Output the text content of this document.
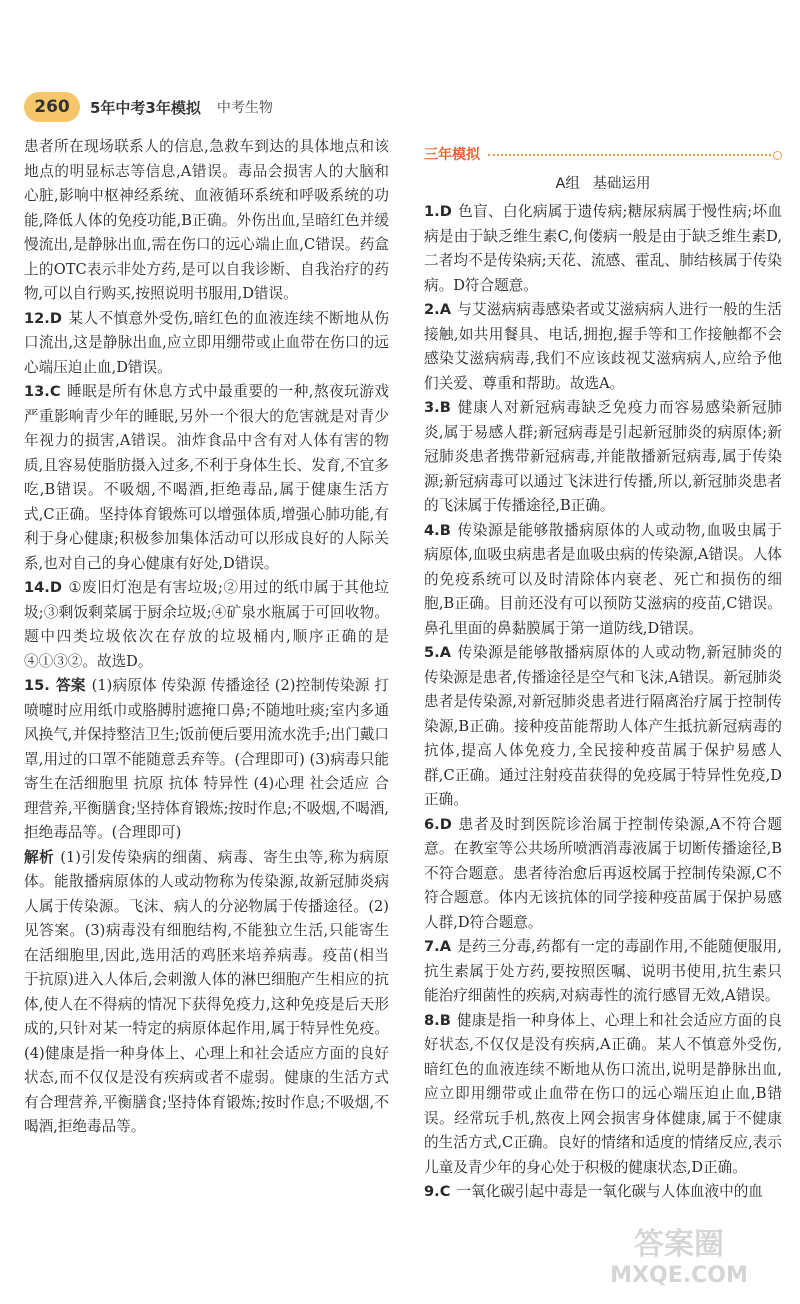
260	5年中考3年模拟 中考生物

患者所在现场联系人的信息,急救车到达的具体地点和该地点的明显标志等信息,A错误。毒品会损害人的大脑和心脏,影响中枢神经系统、血液循环系统和呼吸系统的功能,降低人体的免疫功能,B正确。外伤出血,呈暗红色并缓慢流出,是静脉出血,需在伤口的远心端止血,C错误。药盒上的OTC表示非处方药,是可以自我诊断、自我治疗的药物,可以自行购买,按照说明书服用,D错误。

12.D 某人不慎意外受伤,暗红色的血液连续不断地从伤口流出,这是静脉出血,应立即用绷带或止血带在伤口的远心端压迫止血,D错误。

13.C 睡眠是所有休息方式中最重要的一种,熬夜玩游戏严重影响青少年的睡眠,另外一个很大的危害就是对青少年视力的损害,A错误。油炸食品中含有对人体有害的物质,且容易使脂肪摄入过多,不利于身体生长、发育,不宜多吃,B错误。不吸烟,不喝酒,拒绝毒品,属于健康生活方式,C正确。坚持体育锻炼可以增强体质,增强心肺功能,有利于身心健康;积极参加集体活动可以形成良好的人际关系,也对自己的身心健康有好处,D错误。

14.D ①废旧灯泡是有害垃圾;②用过的纸巾属于其他垃圾;③剩饭剩菜属于厨余垃圾;④矿泉水瓶属于可回收物。题中四类垃圾依次在存放的垃圾桶内,顺序正确的是④①③②。故选D。

15. 答案 (1)病原体 传染源 传播途径 (2)控制传染源 打喷嚏时应用纸巾或胳膊肘遮掩口鼻;不随地吐痰;室内多通风换气,并保持整洁卫生;饭前便后要用流水洗手;出门戴口罩,用过的口罩不能随意丢弃等。(合理即可) (3)病毒只能寄生在活细胞里 抗原 抗体 特异性 (4)心理 社会适应 合理营养,平衡膳食;坚持体育锻炼;按时作息;不吸烟,不喝酒,拒绝毒品等。(合理即可)

解析 (1)引发传染病的细菌、病毒、寄生虫等,称为病原体。能散播病原体的人或动物称为传染源,故新冠肺炎病人属于传染源。飞沫、病人的分泌物属于传播途径。(2)见答案。(3)病毒没有细胞结构,不能独立生活,只能寄生在活细胞里,因此,选用活的鸡胚来培养病毒。疫苗(相当于抗原)进入人体后,会刺激人体的淋巴细胞产生相应的抗体,使人在不得病的情况下获得免疫力,这种免疫是后天形成的,只针对某一特定的病原体起作用,属于特异性免疫。(4)健康是指一种身体上、心理上和社会适应方面的良好状态,而不仅仅是没有疾病或者不虚弱。健康的生活方式有合理营养,平衡膳食;坚持体育锻炼;按时作息;不吸烟,不喝酒,拒绝毒品等。

三年模拟
A组 基础运用

1.D 色盲、白化病属于遗传病;糖尿病属于慢性病;坏血病是由于缺乏维生素C,佝偻病一般是由于缺乏维生素D,二者均不是传染病;天花、流感、霍乱、肺结核属于传染病。D符合题意。

2.A 与艾滋病病毒感染者或艾滋病病人进行一般的生活接触,如共用餐具、电话,拥抱,握手等和工作接触都不会感染艾滋病病毒,我们不应该歧视艾滋病病人,应给予他们关爱、尊重和帮助。故选A。

3.B 健康人对新冠病毒缺乏免疫力而容易感染新冠肺炎,属于易感人群;新冠病毒是引起新冠肺炎的病原体;新冠肺炎患者携带新冠病毒,并能散播新冠病毒,属于传染源;新冠病毒可以通过飞沫进行传播,所以,新冠肺炎患者的飞沫属于传播途径,B正确。

4.B 传染源是能够散播病原体的人或动物,血吸虫属于病原体,血吸虫病患者是血吸虫病的传染源,A错误。人体的免疫系统可以及时清除体内衰老、死亡和损伤的细胞,B正确。目前还没有可以预防艾滋病的疫苗,C错误。鼻孔里面的鼻黏膜属于第一道防线,D错误。

5.A 传染源是能够散播病原体的人或动物,新冠肺炎的传染源是患者,传播途径是空气和飞沫,A错误。新冠肺炎患者是传染源,对新冠肺炎患者进行隔离治疗属于控制传染源,B正确。接种疫苗能帮助人体产生抵抗新冠病毒的抗体,提高人体免疫力,全民接种疫苗属于保护易感人群,C正确。通过注射疫苗获得的免疫属于特异性免疫,D正确。

6.D 患者及时到医院诊治属于控制传染源,A不符合题意。在教室等公共场所喷洒消毒液属于切断传播途径,B不符合题意。患者待治愈后再返校属于控制传染源,C不符合题意。体内无该抗体的同学接种疫苗属于保护易感人群,D符合题意。

7.A 是药三分毒,药都有一定的毒副作用,不能随便服用,抗生素属于处方药,要按照医嘱、说明书使用,抗生素只能治疗细菌性的疾病,对病毒性的流行感冒无效,A错误。

8.B 健康是指一种身体上、心理上和社会适应方面的良好状态,不仅仅是没有疾病,A正确。某人不慎意外受伤,暗红色的血液连续不断地从伤口流出,说明是静脉出血,应立即用绷带或止血带在伤口的远心端压迫止血,B错误。经常玩手机,熬夜上网会损害身体健康,属于不健康的生活方式,C正确。良好的情绪和适度的情绪反应,表示儿童及青少年的身心处于积极的健康状态,D正确。

9.C 一氧化碳引起中毒是一氧化碳与人体血液中的血

答案圈
MXQE.COM
